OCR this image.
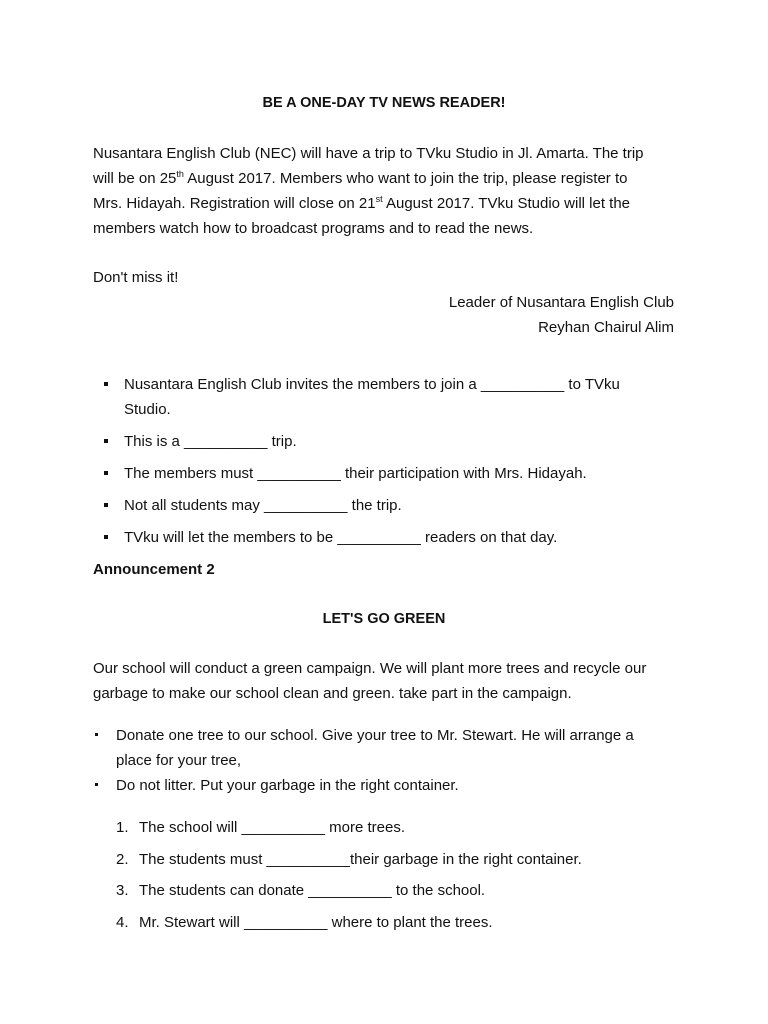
BE A ONE-DAY TV NEWS READER!
Nusantara English Club (NEC) will have a trip to TVku Studio in Jl. Amarta. The trip
will be on 25th August 2017. Members who want to join the trip, please register to
Mrs. Hidayah. Registration will close on 21st August 2017. TVku Studio will let the
members watch how to broadcast programs and to read the news.
Don't miss it!
Leader of Nusantara English Club
Reyhan Chairul Alim
Nusantara English Club invites the members to join a __________ to TVku
Studio.
This is a __________ trip.
The members must __________ their participation with Mrs. Hidayah.
Not all students may __________ the trip.
TVku will let the members to be __________ readers on that day.
Announcement 2
LET'S GO GREEN
Our school will conduct a green campaign. We will plant more trees and recycle our
garbage to make our school clean and green. take part in the campaign.
Donate one tree to our school. Give your tree to Mr. Stewart. He will arrange a
place for your tree,
Do not litter. Put your garbage in the right container.
1. The school will __________ more trees.
2. The students must __________their garbage in the right container.
3. The students can donate __________ to the school.
4. Mr. Stewart will __________ where to plant the trees.
